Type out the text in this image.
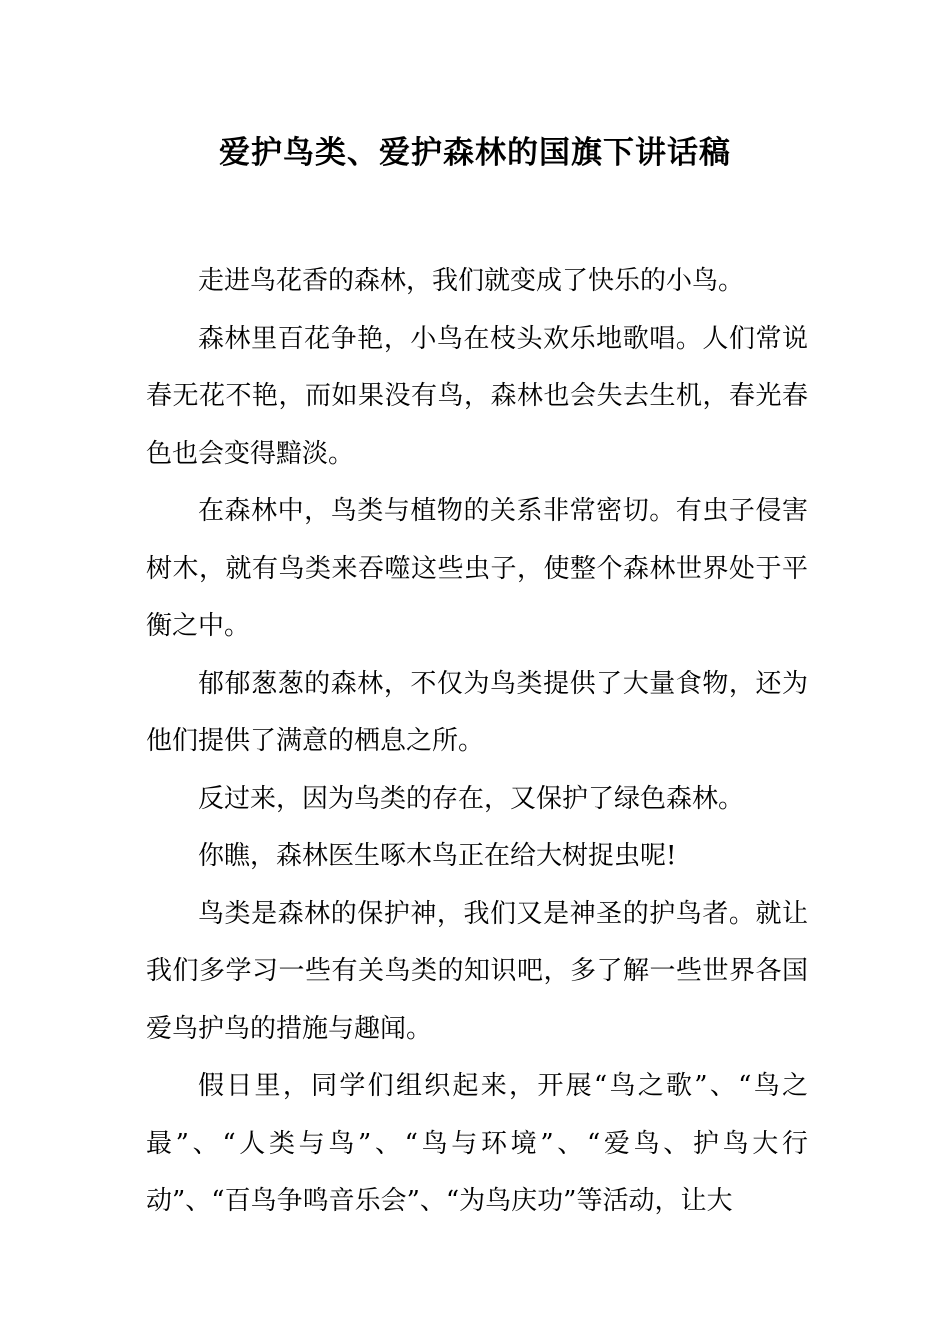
爱护鸟类、爱护森林的国旗下讲话稿

走进鸟花香的森林，我们就变成了快乐的小鸟。

森林里百花争艳，小鸟在枝头欢乐地歌唱。人们常说春无花不艳，而如果没有鸟，森林也会失去生机，春光春色也会变得黯淡。

在森林中，鸟类与植物的关系非常密切。有虫子侵害树木，就有鸟类来吞噬这些虫子，使整个森林世界处于平衡之中。

郁郁葱葱的森林，不仅为鸟类提供了大量食物，还为他们提供了满意的栖息之所。

反过来，因为鸟类的存在，又保护了绿色森林。

你瞧，森林医生啄木鸟正在给大树捉虫呢!

鸟类是森林的保护神，我们又是神圣的护鸟者。就让我们多学习一些有关鸟类的知识吧，多了解一些世界各国爱鸟护鸟的措施与趣闻。

假日里，同学们组织起来，开展“鸟之歌”、“鸟之最”、“人类与鸟”、“鸟与环境”、“爱鸟、护鸟大行动”、“百鸟争鸣音乐会”、“为鸟庆功”等活动，让大
